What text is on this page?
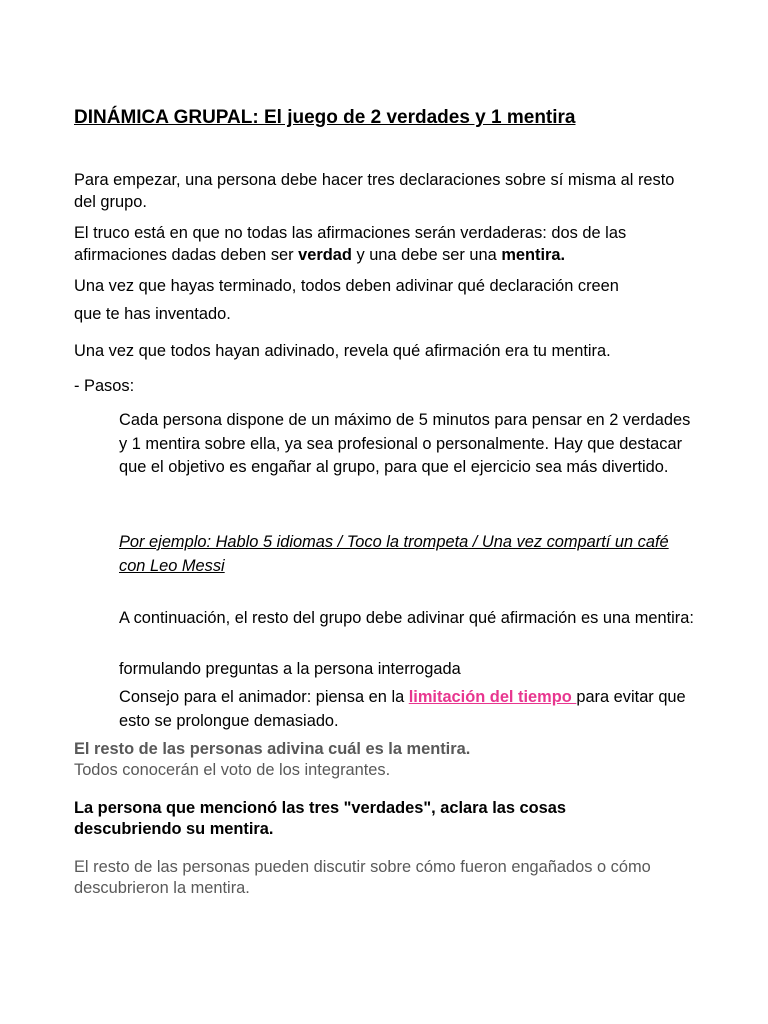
DINÁMICA GRUPAL: El juego de 2 verdades y 1 mentira

Para empezar, una persona debe hacer tres declaraciones sobre sí misma al resto del grupo.

El truco está en que no todas las afirmaciones serán verdaderas: dos de las afirmaciones dadas deben ser verdad y una debe ser una mentira.

Una vez que hayas terminado, todos deben adivinar qué declaración creen

que te has inventado.

Una vez que todos hayan adivinado, revela qué afirmación era tu mentira.

- Pasos:

Cada persona dispone de un máximo de 5 minutos para pensar en 2 verdades y 1 mentira sobre ella, ya sea profesional o personalmente. Hay que destacar que el objetivo es engañar al grupo, para que el ejercicio sea más divertido.

Por ejemplo: Hablo 5 idiomas / Toco la trompeta / Una vez compartí un café con Leo Messi

A continuación, el resto del grupo debe adivinar qué afirmación es una mentira:

formulando preguntas a la persona interrogada

Consejo para el animador: piensa en la limitación del tiempo para evitar que esto se prolongue demasiado.

El resto de las personas adivina cuál es la mentira.

Todos conocerán el voto de los integrantes.

La persona que mencionó las tres "verdades", aclara las cosas descubriendo su mentira.

El resto de las personas pueden discutir sobre cómo fueron engañados o cómo descubrieron la mentira.
